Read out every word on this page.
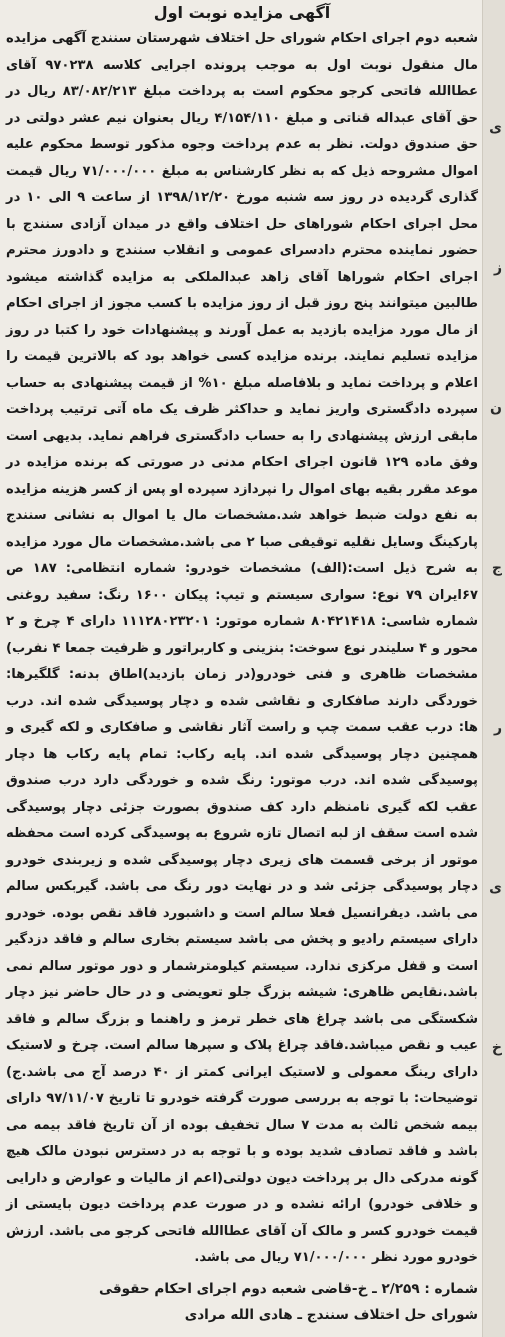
آگهی مزایده نوبت اول

شعبه دوم اجرای احکام شورای حل اختلاف شهرستان سنندج آگهی مزایده مال منقول نوبت اول به موجب پرونده اجرایی کلاسه ۹۷۰۲۳۸ آقای عطاالله فاتحی کرجو محکوم است به پرداخت مبلغ ۸۳/۰۸۲/۲۱۳ ریال در حق آقای عبداله قناتی و مبلغ ۴/۱۵۴/۱۱۰ ریال بعنوان نیم عشر دولتی در حق صندوق دولت. نظر به عدم پرداخت وجوه مذکور توسط محکوم علیه اموال مشروحه ذیل که به نظر کارشناس به مبلغ ۷۱/۰۰۰/۰۰۰ ریال قیمت گذاری گردیده در روز سه شنبه مورخ ۱۳۹۸/۱۲/۲۰ از ساعت ۹ الی ۱۰ در محل اجرای احکام شوراهای حل اختلاف واقع در میدان آزادی سنندج با حضور نماینده محترم دادسرای عمومی و انقلاب سنندج و دادورز محترم اجرای احکام شوراها آقای زاهد عبدالملکی به مزایده گذاشته میشود طالبین میتوانند پنج روز قبل از روز مزایده با کسب مجوز از اجرای احکام از مال مورد مزایده بازدید به عمل آورند و پیشنهادات خود را کتبا در روز مزایده تسلیم نمایند. برنده مزایده کسی خواهد بود که بالاترین قیمت را اعلام و پرداخت نماید و بلافاصله مبلغ ۱۰% از قیمت پیشنهادی به حساب سپرده دادگستری واریز نماید و حداکثر ظرف یک ماه آتی ترتیب پرداخت مابقی ارزش پیشنهادی را به حساب دادگستری فراهم نماید. بدیهی است وفق ماده ۱۲۹ قانون اجرای احکام مدنی در صورتی که برنده مزایده در موعد مقرر بقیه بهای اموال را نپردازد سپرده او پس از کسر هزینه مزایده به نفع دولت ضبط خواهد شد.مشخصات مال یا اموال به نشانی سنندج پارکینگ وسایل نقلیه توقیفی صبا ۲ می باشد.مشخصات مال مورد مزایده به شرح ذیل است:(الف) مشخصات خودرو: شماره انتظامی: ۱۸۷ ص ۶۷ایران ۷۹ نوع: سواری سیستم و تیپ: پیکان ۱۶۰۰ رنگ: سفید روغنی شماره شاسی: ۸۰۴۲۱۴۱۸ شماره موتور: ۱۱۱۲۸۰۲۳۲۰۱ دارای ۴ چرخ و ۲ محور و ۴ سلیندر نوع سوخت: بنزینی و کاربراتور و ظرفیت جمعا ۴ نفرب) مشخصات ظاهری و فنی خودرو(در زمان بازدید)اطاق بدنه: گلگیرها: خوردگی دارند صافکاری و نقاشی شده و دچار پوسیدگی شده اند. درب ها: درب عقب سمت چپ و راست آثار نقاشی و صافکاری و لکه گیری و همچنین دچار پوسیدگی شده اند. پایه رکاب: تمام پایه رکاب ها دچار پوسیدگی شده اند. درب موتور: رنگ شده و خوردگی دارد درب صندوق عقب لکه گیری نامنظم دارد کف صندوق بصورت جزئی دچار پوسیدگی شده است سقف از لبه اتصال تازه شروع به پوسیدگی کرده است محفظه موتور از برخی قسمت های زیری دچار پوسیدگی شده و زیربندی خودرو دچار پوسیدگی جزئی شد و در نهایت دور رنگ می باشد. گیربکس سالم می باشد. دیفرانسیل فعلا سالم است و داشبورد فاقد نقص بوده. خودرو دارای سیستم رادیو و پخش می باشد سیستم بخاری سالم و فاقد دزدگیر است و قفل مرکزی ندارد. سیستم کیلومترشمار و دور موتور سالم نمی باشد.نقایص ظاهری: شیشه بزرگ جلو تعویضی و در حال حاضر نیز دچار شکستگی می باشد چراغ های خطر ترمز و راهنما و بزرگ سالم و فاقد عیب و نقص میباشد.فاقد چراغ پلاک و سپرها سالم است. چرخ و لاستیک دارای رینگ معمولی و لاستیک ایرانی کمتر از ۴۰ درصد آج می باشد.ج) توضیحات: با توجه به بررسی صورت گرفته خودرو تا تاریخ ۹۷/۱۱/۰۷ دارای بیمه شخص ثالث به مدت ۷ سال تخفیف بوده از آن تاریخ فاقد بیمه می باشد و فاقد تصادف شدید بوده و با توجه به در دسترس نبودن مالک هیچ گونه مدرکی دال بر پرداخت دیون دولتی(اعم از مالیات و عوارض و دارایی و خلافی خودرو) ارائه نشده و در صورت عدم پرداخت دیون بایستی از قیمت خودرو کسر و مالک آن آقای عطاالله فاتحی کرجو می باشد. ارزش خودرو مورد نظر ۷۱/۰۰۰/۰۰۰ ریال می باشد.

شماره : ۲/۲۵۹ ـ خ-قاضی شعبه دوم اجرای احکام حقوقی
شورای حل اختلاف سنندج ـ هادی الله مرادی
ی
ز
ن
ج
ر
ی
خ
